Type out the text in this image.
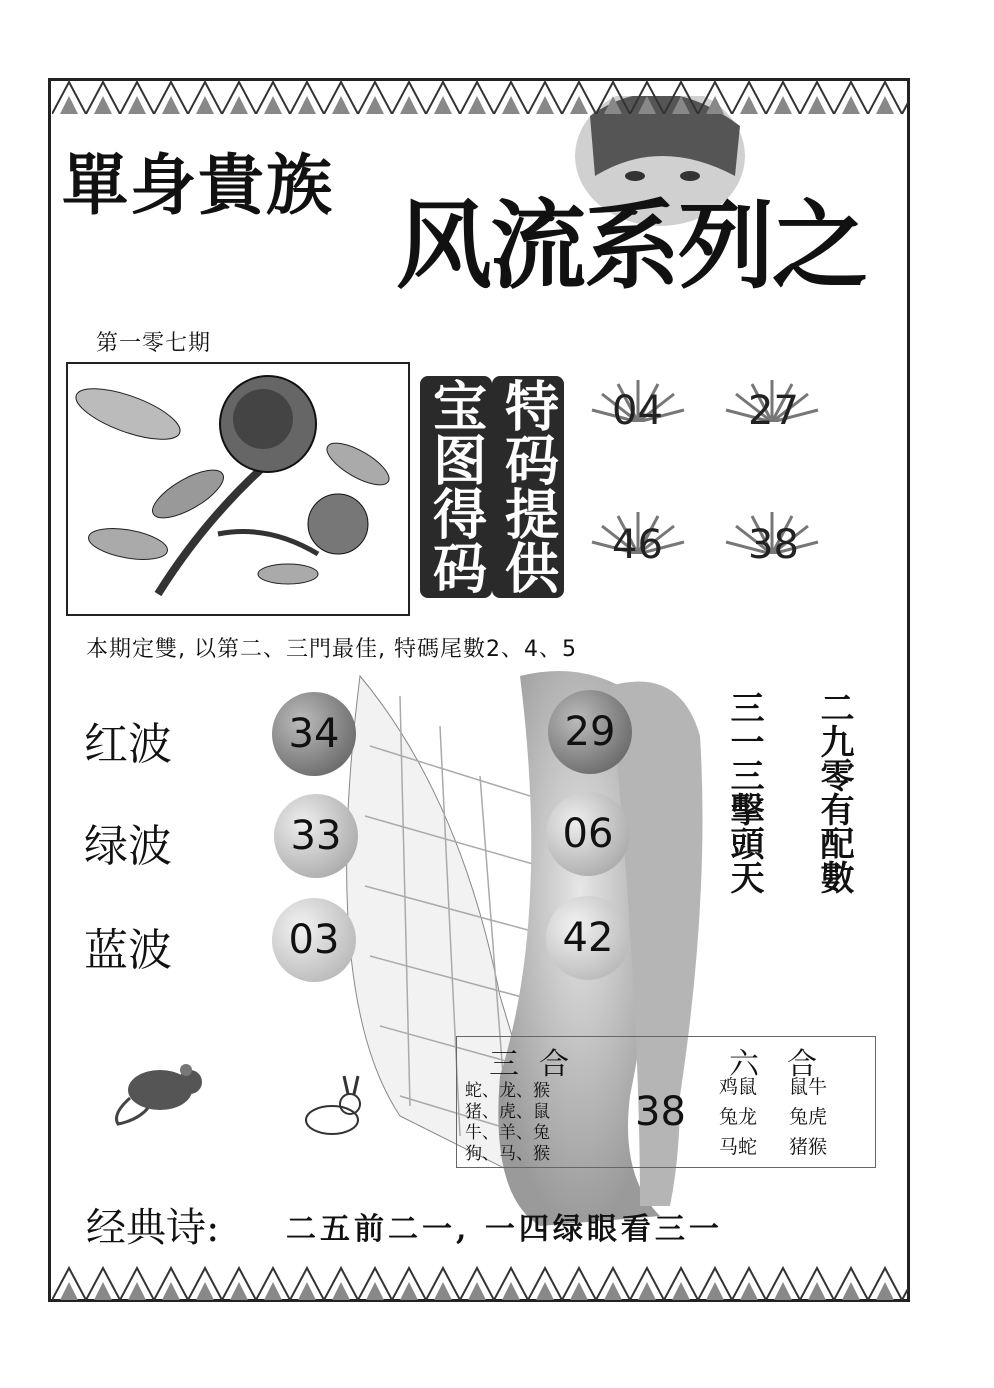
單身貴族
风流系列之
第一零七期
宝图得码 特码提供 04 27
46 38
本期定雙, 以第二、三門最佳, 特碼尾數2、4、5
红波	34	29
绿波	33	06
蓝波	03	42
三一三擊頭天 二九零有配數
三合	六合
蛇、龙、猴
猪、虎、鼠
牛、羊、兔
狗、马、猴
38
鸡鼠 鼠牛
兔龙 兔虎
马蛇 猪猴
经典诗: 二五前二一, 一四绿眼看三一
